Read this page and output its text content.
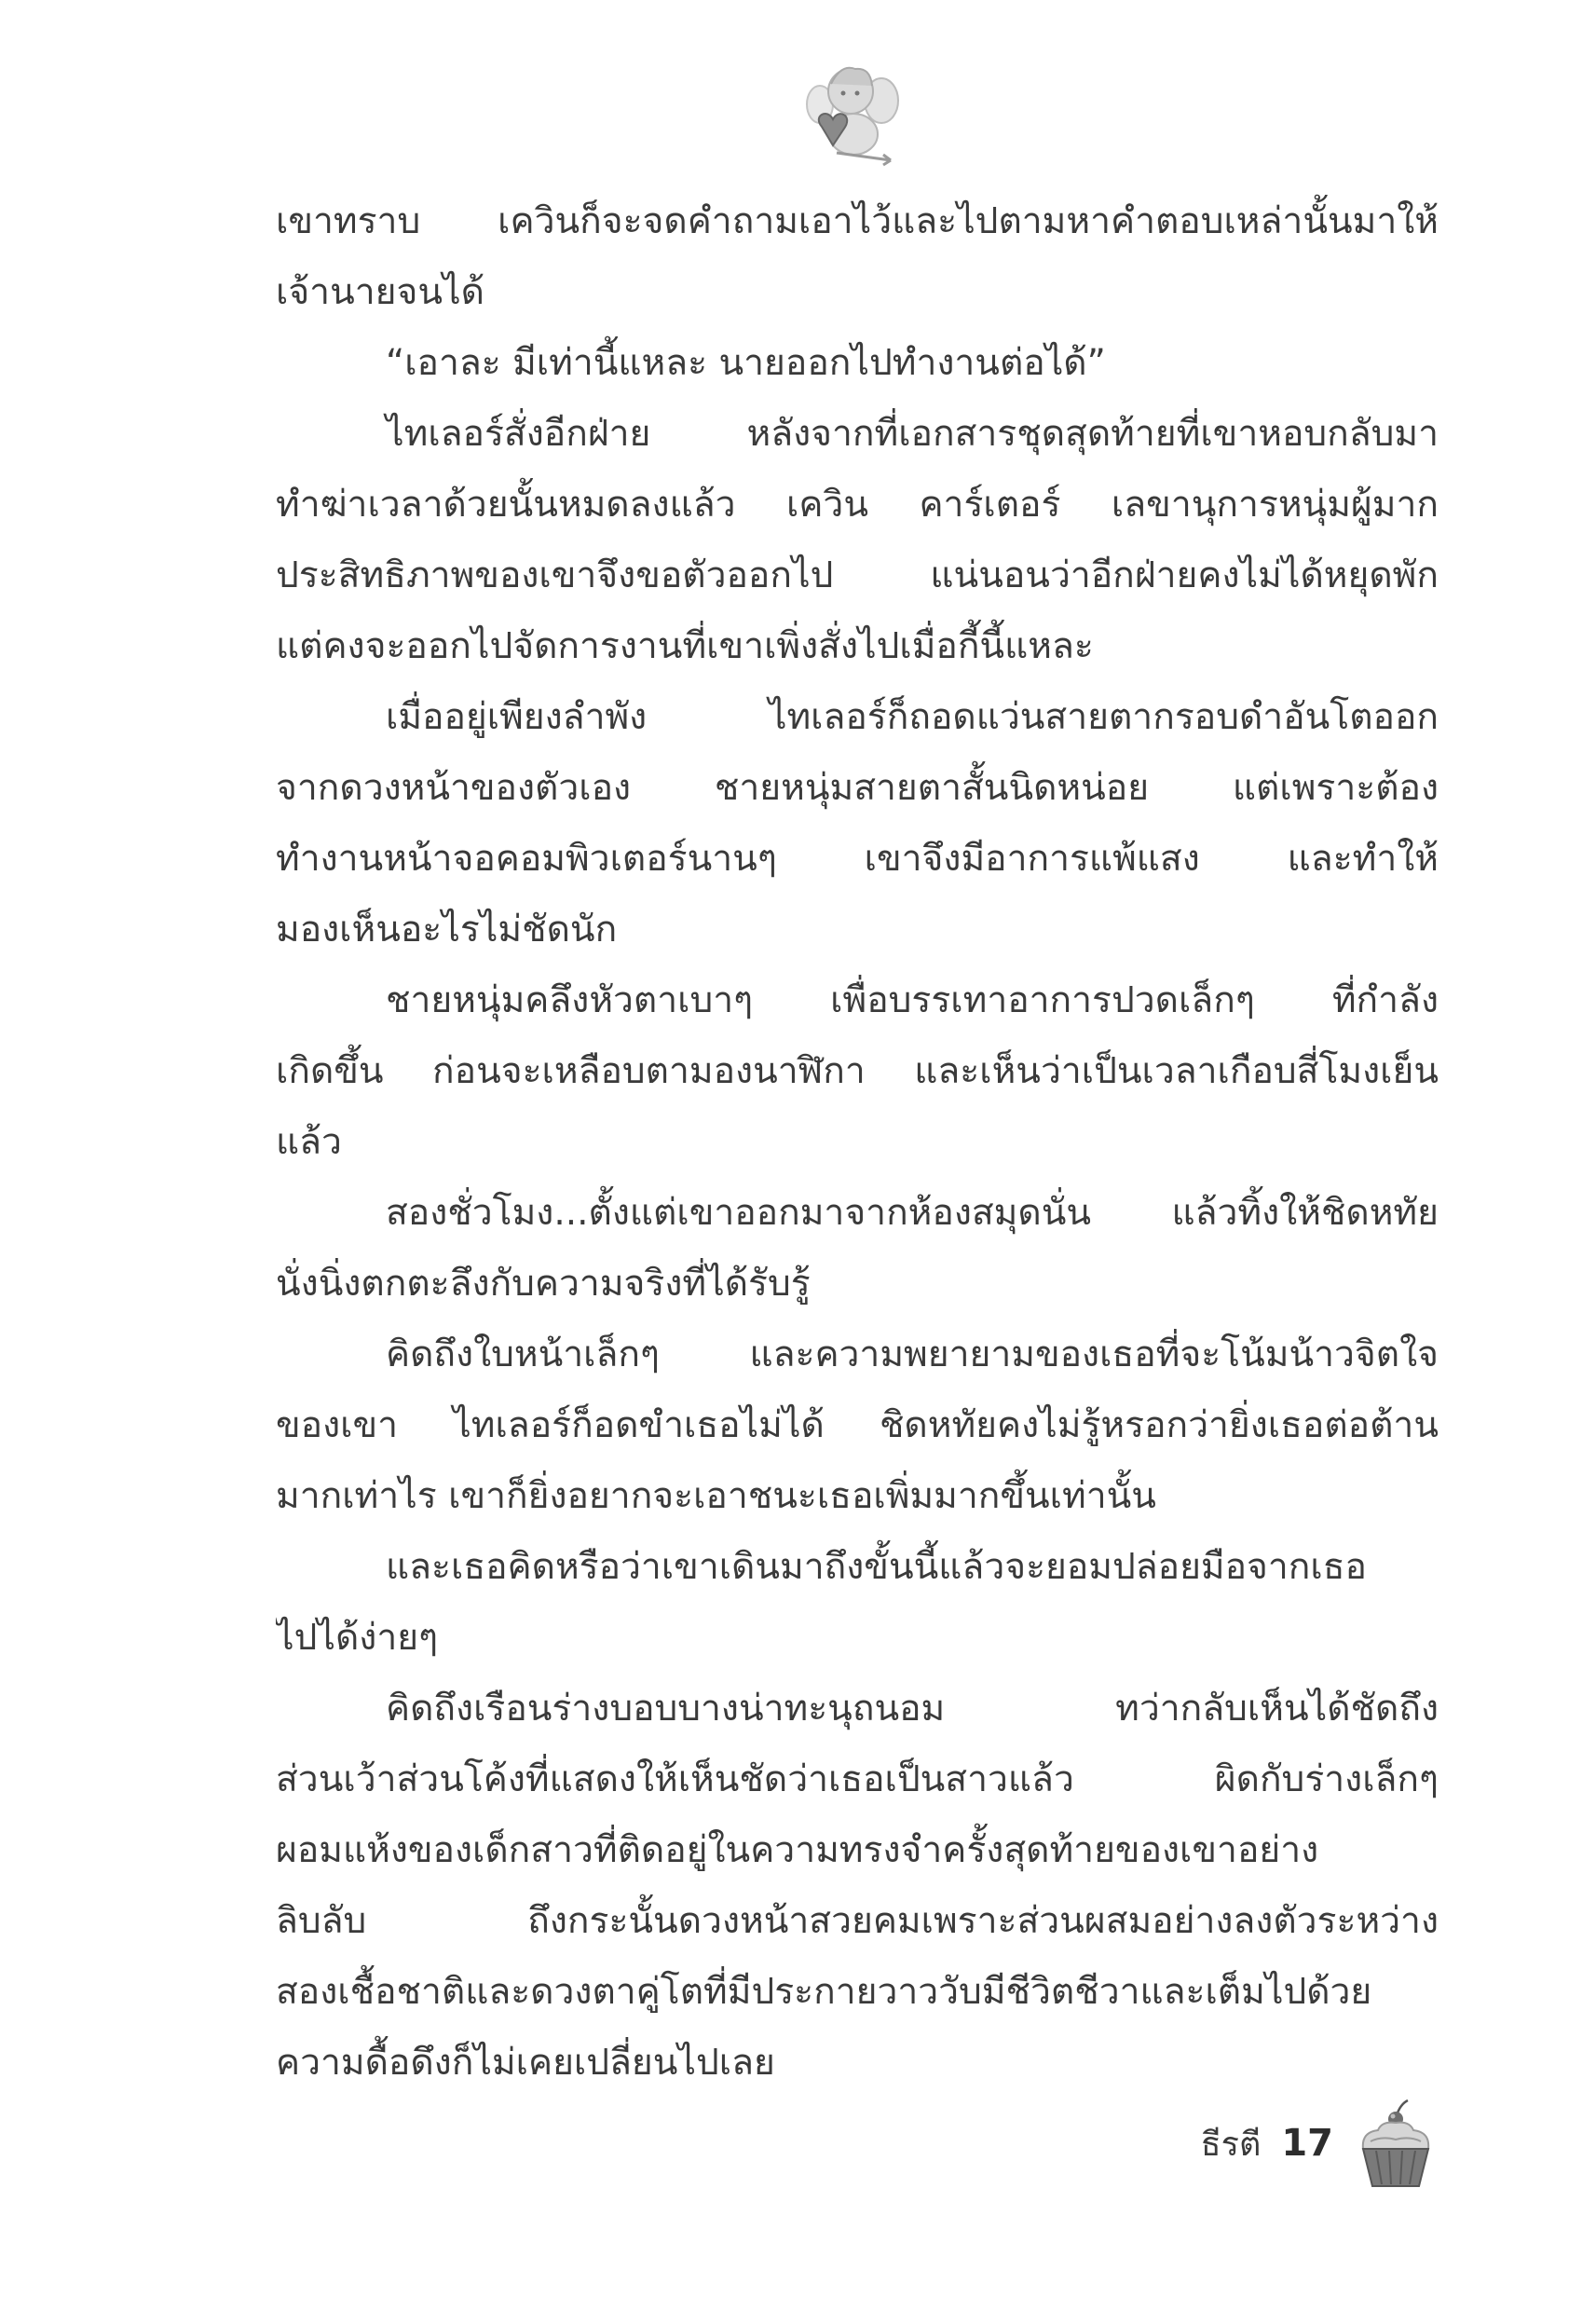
เขาทราบ เควินก็จะจดคำถามเอาไว้และไปตามหาคำตอบเหล่านั้นมาให้
เจ้านายจนได้
“เอาละ มีเท่านี้แหละ นายออกไปทำงานต่อได้”
ไทเลอร์สั่งอีกฝ่าย หลังจากที่เอกสารชุดสุดท้ายที่เขาหอบกลับมา
ทำฆ่าเวลาด้วยนั้นหมดลงแล้ว เควิน คาร์เตอร์ เลขานุการหนุ่มผู้มาก
ประสิทธิภาพของเขาจึงขอตัวออกไป แน่นอนว่าอีกฝ่ายคงไม่ได้หยุดพัก
แต่คงจะออกไปจัดการงานที่เขาเพิ่งสั่งไปเมื่อกี้นี้แหละ
เมื่ออยู่เพียงลำพัง ไทเลอร์ก็ถอดแว่นสายตากรอบดำอันโตออก
จากดวงหน้าของตัวเอง ชายหนุ่มสายตาสั้นนิดหน่อย แต่เพราะต้อง
ทำงานหน้าจอคอมพิวเตอร์นานๆ เขาจึงมีอาการแพ้แสง และทำให้
มองเห็นอะไรไม่ชัดนัก
ชายหนุ่มคลึงหัวตาเบาๆ เพื่อบรรเทาอาการปวดเล็กๆ ที่กำลัง
เกิดขึ้น ก่อนจะเหลือบตามองนาฬิกา และเห็นว่าเป็นเวลาเกือบสี่โมงเย็น
แล้ว
สองชั่วโมง...ตั้งแต่เขาออกมาจากห้องสมุดนั่น แล้วทิ้งให้ชิดหทัย
นั่งนิ่งตกตะลึงกับความจริงที่ได้รับรู้
คิดถึงใบหน้าเล็กๆ และความพยายามของเธอที่จะโน้มน้าวจิตใจ
ของเขา ไทเลอร์ก็อดขำเธอไม่ได้ ชิดหทัยคงไม่รู้หรอกว่ายิ่งเธอต่อต้าน
มากเท่าไร เขาก็ยิ่งอยากจะเอาชนะเธอเพิ่มมากขึ้นเท่านั้น
และเธอคิดหรือว่าเขาเดินมาถึงขั้นนี้แล้วจะยอมปล่อยมือจากเธอ
ไปได้ง่ายๆ
คิดถึงเรือนร่างบอบบางน่าทะนุถนอม ทว่ากลับเห็นได้ชัดถึง
ส่วนเว้าส่วนโค้งที่แสดงให้เห็นชัดว่าเธอเป็นสาวแล้ว ผิดกับร่างเล็กๆ
ผอมแห้งของเด็กสาวที่ติดอยู่ในความทรงจำครั้งสุดท้ายของเขาอย่าง
ลิบลับ ถึงกระนั้นดวงหน้าสวยคมเพราะส่วนผสมอย่างลงตัวระหว่าง
สองเชื้อชาติและดวงตาคู่โตที่มีประกายวาววับมีชีวิตชีวาและเต็มไปด้วย
ความดื้อดึงก็ไม่เคยเปลี่ยนไปเลย
ธีรตี 17
